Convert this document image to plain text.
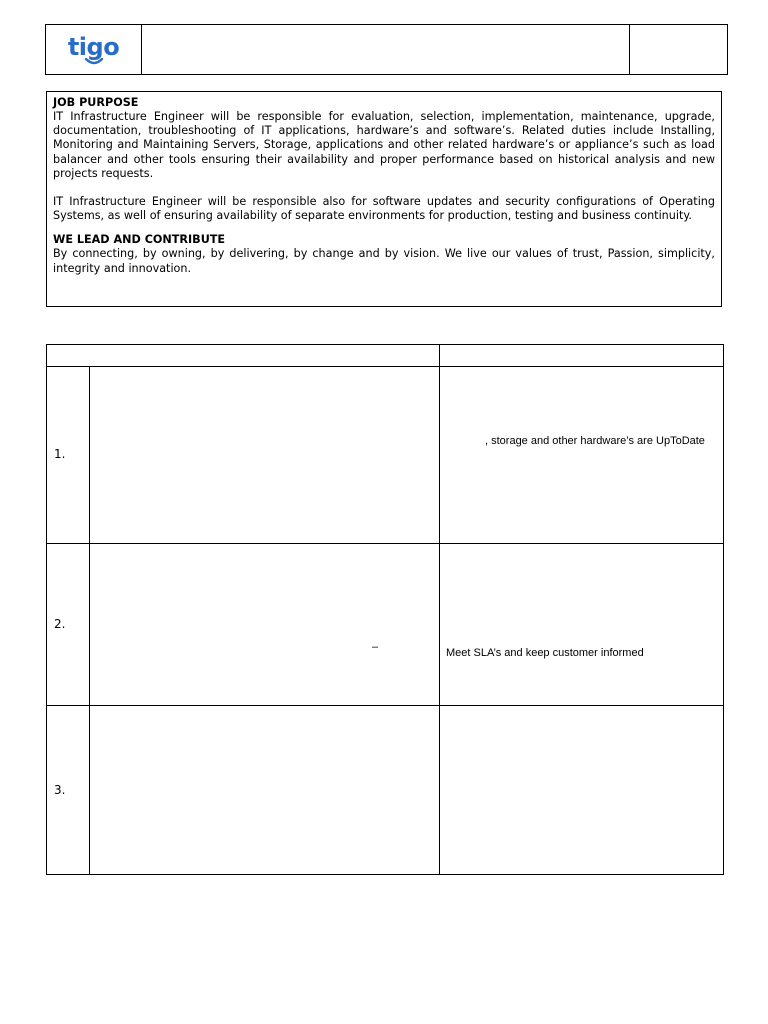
tigo
JOB PURPOSE

IT Infrastructure Engineer will be responsible for evaluation, selection, implementation, maintenance, upgrade, documentation, troubleshooting of IT applications, hardware’s and software’s. Related duties include Installing, Monitoring and Maintaining Servers, Storage, applications and other related hardware’s or appliance’s such as load balancer and other tools ensuring their availability and proper performance based on historical analysis and new projects requests.

IT Infrastructure Engineer will be responsible also for software updates and security configurations of Operating Systems, as well of ensuring availability of separate environments for production, testing and business continuity.

WE LEAD AND CONTRIBUTE

By connecting, by owning, by delivering, by change and by vision. We live our values of trust, Passion, simplicity, integrity and innovation.

1.
, storage and other hardware’s are UpToDate
2.
–	Meet SLA’s and keep customer informed
3.
